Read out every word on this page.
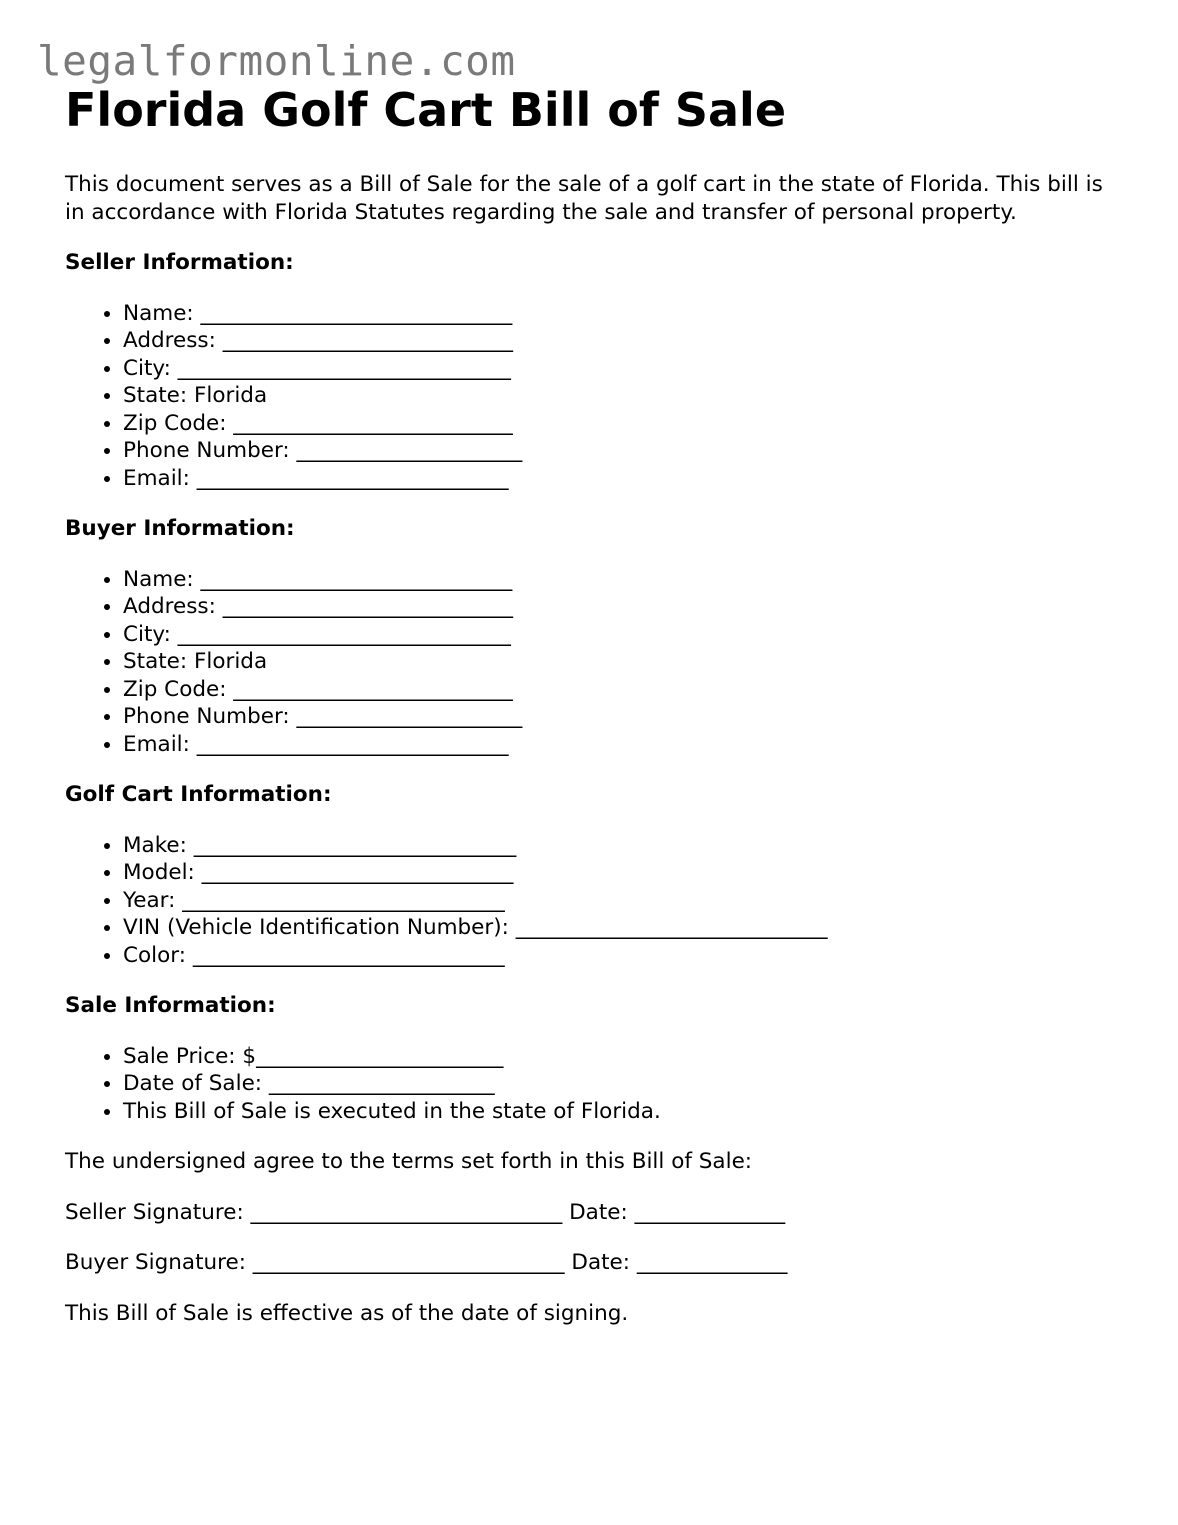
legalformonline.com
Florida Golf Cart Bill of Sale

This document serves as a Bill of Sale for the sale of a golf cart in the state of Florida. This bill is in accordance with Florida Statutes regarding the sale and transfer of personal property.

Seller Information:
• Name: _____________________________
• Address: ___________________________
• City: _______________________________
• State: Florida
• Zip Code: __________________________
• Phone Number: _____________________
• Email: _____________________________
Buyer Information:
• Name: _____________________________
• Address: ___________________________
• City: _______________________________
• State: Florida
• Zip Code: __________________________
• Phone Number: _____________________
• Email: _____________________________
Golf Cart Information:
• Make: ______________________________
• Model: _____________________________
• Year: ______________________________
• VIN (Vehicle Identification Number): _____________________________
• Color: _____________________________
Sale Information:
• Sale Price: $_______________________
• Date of Sale: _____________________
• This Bill of Sale is executed in the state of Florida.

The undersigned agree to the terms set forth in this Bill of Sale:

Seller Signature: _____________________________ Date: ______________
Buyer Signature: _____________________________ Date: ______________

This Bill of Sale is effective as of the date of signing.
